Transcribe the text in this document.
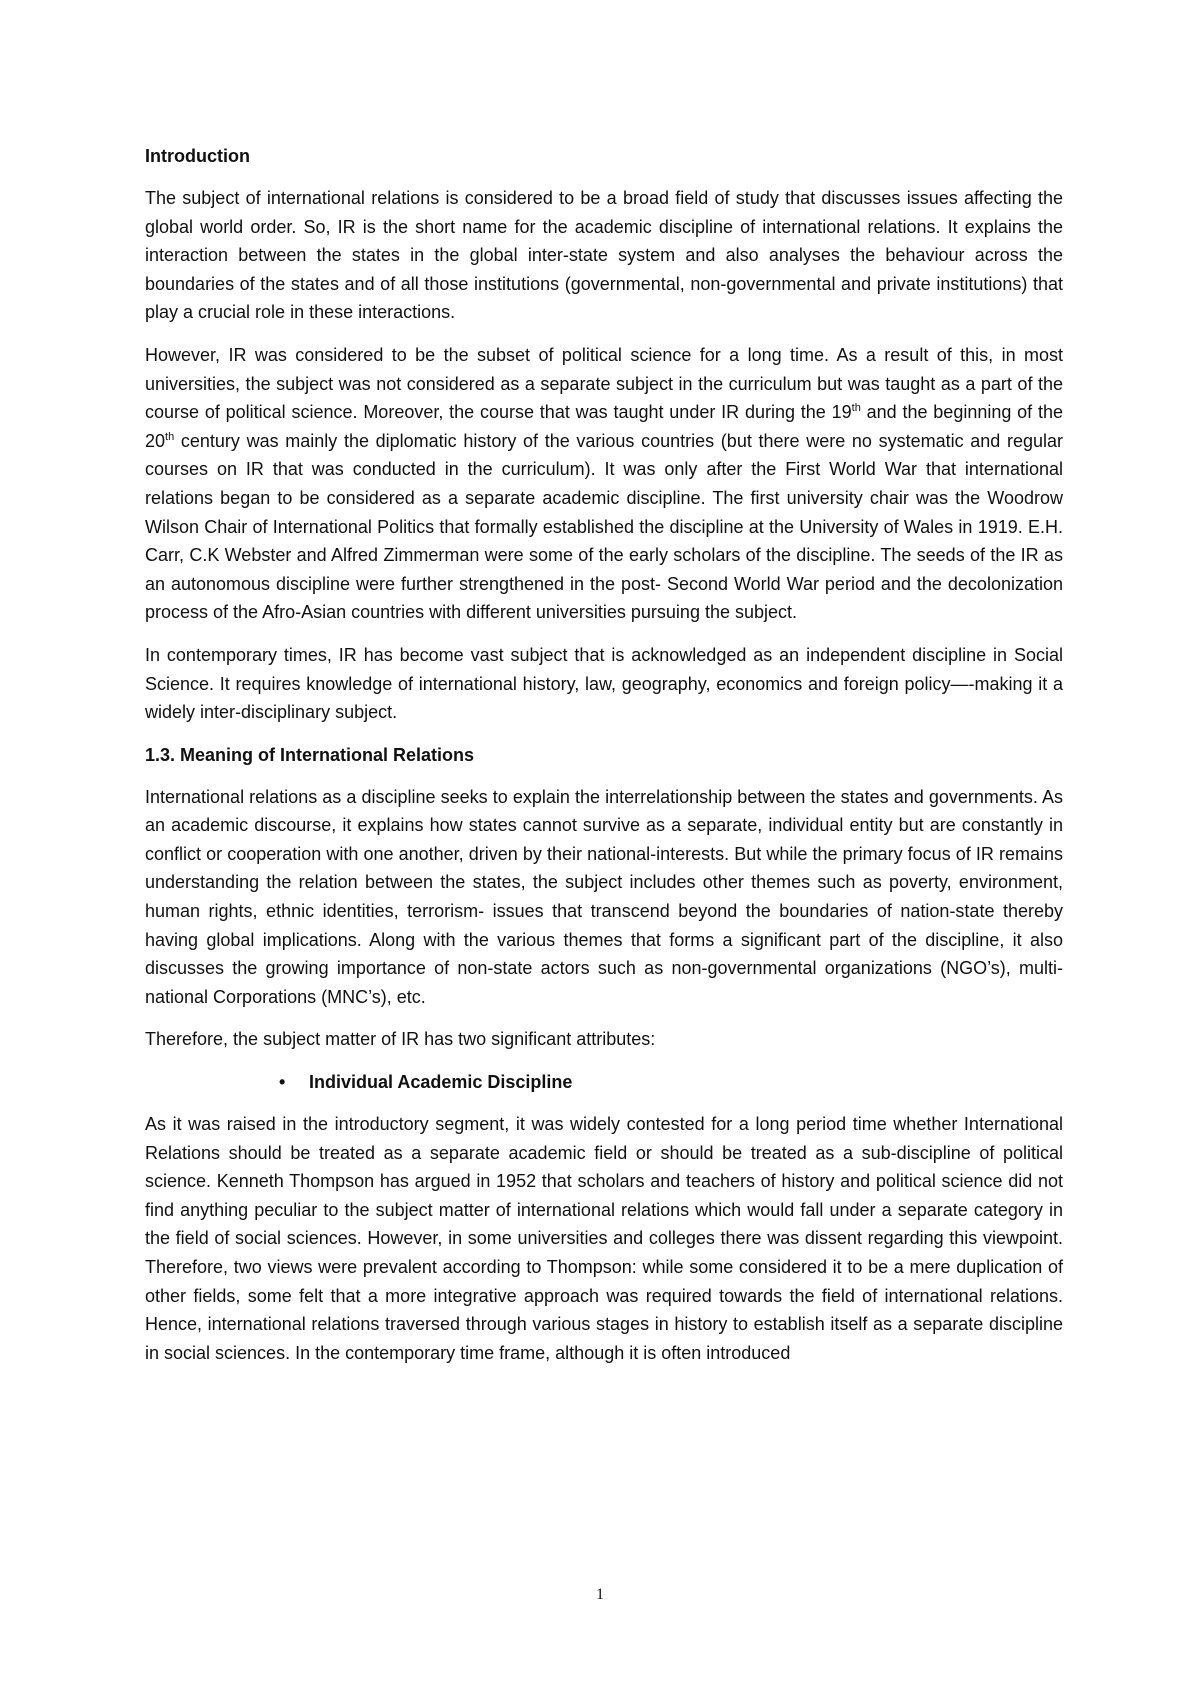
Introduction

The subject of international relations is considered to be a broad field of study that discusses issues affecting the global world order. So, IR is the short name for the academic discipline of international relations. It explains the interaction between the states in the global inter-state system and also analyses the behaviour across the boundaries of the states and of all those institutions (governmental, non-governmental and private institutions) that play a crucial role in these interactions.

However, IR was considered to be the subset of political science for a long time. As a result of this, in most universities, the subject was not considered as a separate subject in the curriculum but was taught as a part of the course of political science. Moreover, the course that was taught under IR during the 19th and the beginning of the 20th century was mainly the diplomatic history of the various countries (but there were no systematic and regular courses on IR that was conducted in the curriculum). It was only after the First World War that international relations began to be considered as a separate academic discipline. The first university chair was the Woodrow Wilson Chair of International Politics that formally established the discipline at the University of Wales in 1919. E.H. Carr, C.K Webster and Alfred Zimmerman were some of the early scholars of the discipline. The seeds of the IR as an autonomous discipline were further strengthened in the post- Second World War period and the decolonization process of the Afro-Asian countries with different universities pursuing the subject.

In contemporary times, IR has become vast subject that is acknowledged as an independent discipline in Social Science. It requires knowledge of international history, law, geography, economics and foreign policy—-making it a widely inter-disciplinary subject.

1.3. Meaning of International Relations

International relations as a discipline seeks to explain the interrelationship between the states and governments. As an academic discourse, it explains how states cannot survive as a separate, individual entity but are constantly in conflict or cooperation with one another, driven by their national-interests. But while the primary focus of IR remains understanding the relation between the states, the subject includes other themes such as poverty, environment, human rights, ethnic identities, terrorism- issues that transcend beyond the boundaries of nation-state thereby having global implications. Along with the various themes that forms a significant part of the discipline, it also discusses the growing importance of non-state actors such as non-governmental organizations (NGO’s), multi-national Corporations (MNC’s), etc.

Therefore, the subject matter of IR has two significant attributes:

•	Individual Academic Discipline

As it was raised in the introductory segment, it was widely contested for a long period time whether International Relations should be treated as a separate academic field or should be treated as a sub-discipline of political science. Kenneth Thompson has argued in 1952 that scholars and teachers of history and political science did not find anything peculiar to the subject matter of international relations which would fall under a separate category in the field of social sciences. However, in some universities and colleges there was dissent regarding this viewpoint. Therefore, two views were prevalent according to Thompson: while some considered it to be a mere duplication of other fields, some felt that a more integrative approach was required towards the field of international relations. Hence, international relations traversed through various stages in history to establish itself as a separate discipline in social sciences. In the contemporary time frame, although it is often introduced

1
